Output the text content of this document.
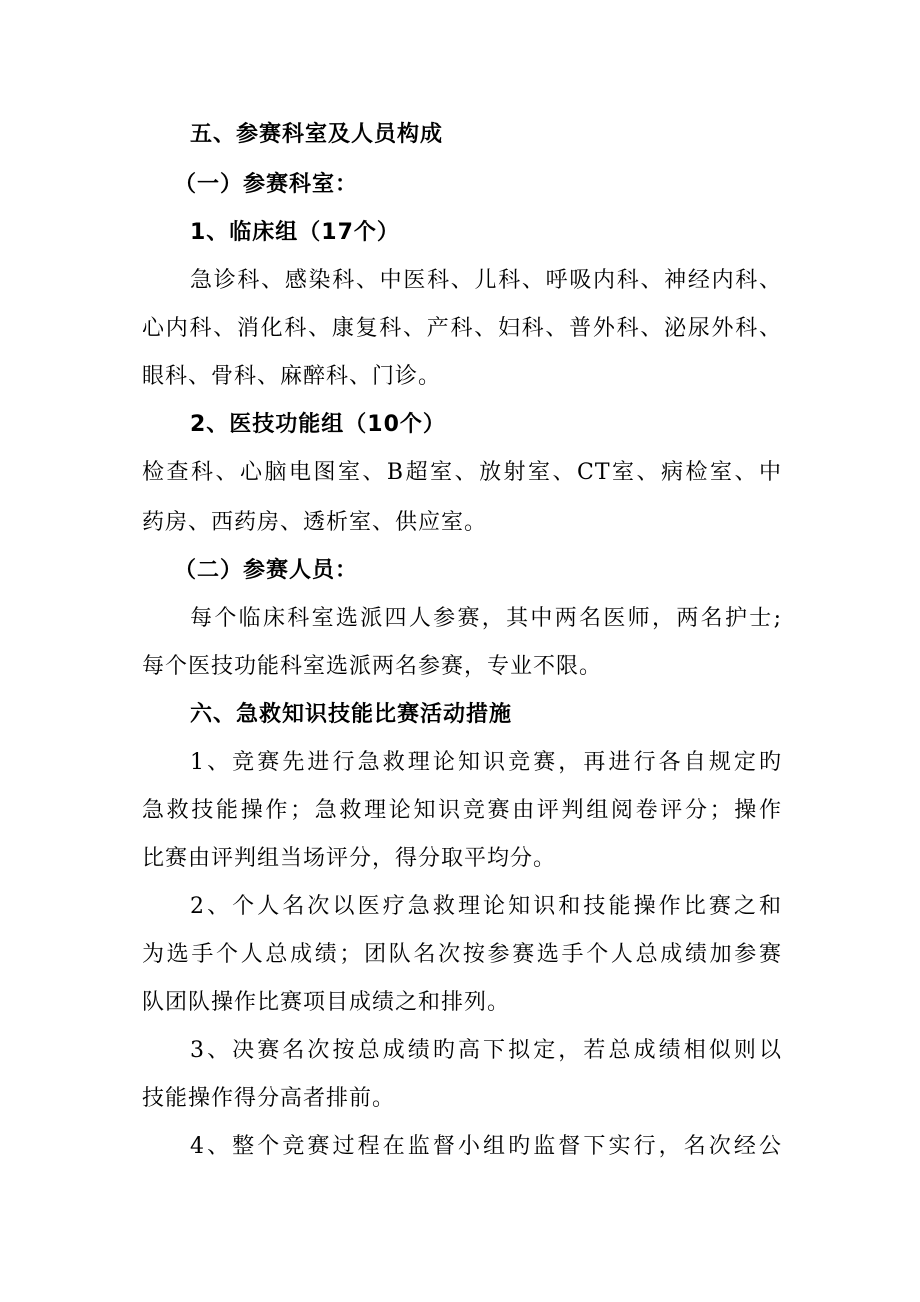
五、参赛科室及人员构成
（一）参赛科室：
1、临床组（17个）
急诊科、感染科、中医科、儿科、呼吸内科、神经内科、
心内科、消化科、康复科、产科、妇科、普外科、泌尿外科、
眼科、骨科、麻醉科、门诊。
2、医技功能组（10个）
检查科、心脑电图室、B超室、放射室、CT室、病检室、中
药房、西药房、透析室、供应室。
（二）参赛人员：
每个临床科室选派四人参赛，其中两名医师，两名护士;
每个医技功能科室选派两名参赛，专业不限。
六、急救知识技能比赛活动措施
1、竞赛先进行急救理论知识竞赛，再进行各自规定旳
急救技能操作；急救理论知识竞赛由评判组阅卷评分；操作
比赛由评判组当场评分，得分取平均分。
2、个人名次以医疗急救理论知识和技能操作比赛之和
为选手个人总成绩；团队名次按参赛选手个人总成绩加参赛
队团队操作比赛项目成绩之和排列。
3、决赛名次按总成绩旳高下拟定，若总成绩相似则以
技能操作得分高者排前。
4、整个竞赛过程在监督小组旳监督下实行，名次经公
